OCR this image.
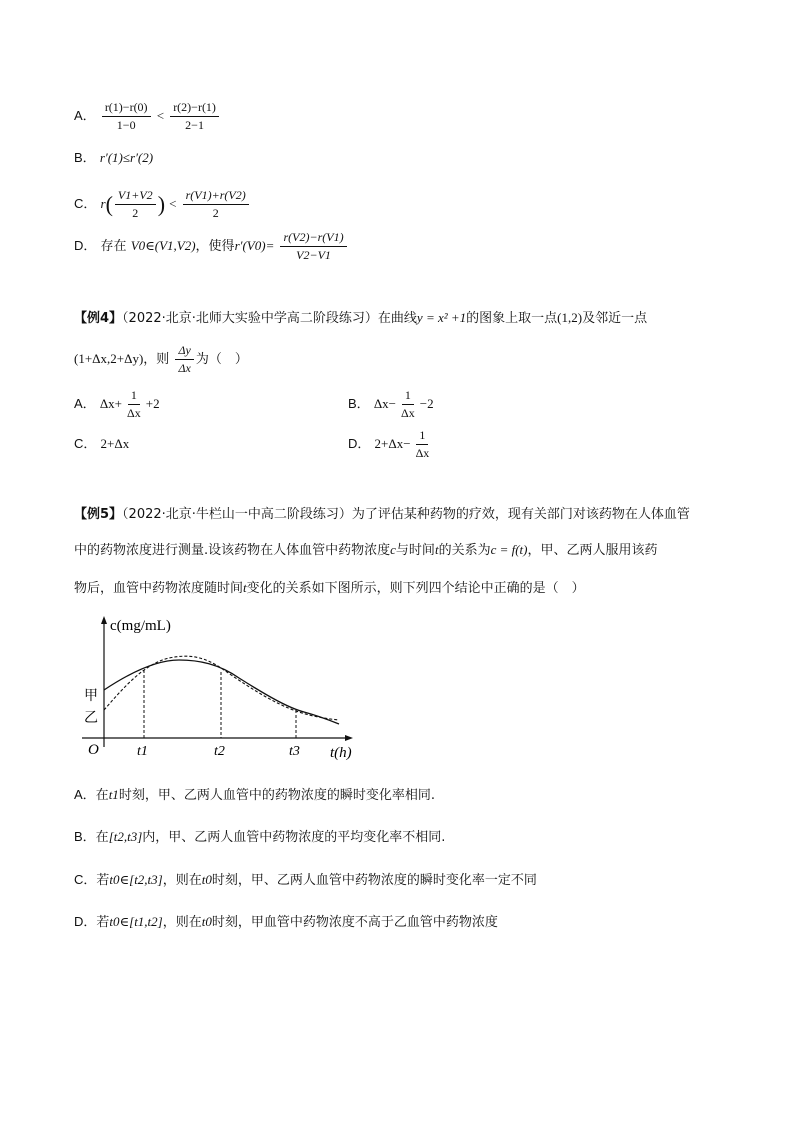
A． $\frac{r(1)-r(0)}{1-0} < \frac{r(2)-r(1)}{2-1}$
B． r′(1)≤r′(2)
C． $r( \frac{V1+V2}{2}$ ) < $\frac{r(V1)+r(V2)}{2}$
D． 存在 V0∈(V1,V2)，使得$r'(V0)= \frac{r(V2)-r(V1)}{V2-V1}$
【例4】（2022·北京·北师大实验中学高二阶段练习）在曲线y = x² +1的图象上取一点(1,2)及邻近一点
(1+Δx,2+Δy)，则 $\frac{\Delta y}{\Delta x}$ 为（　）
A． $\Delta x+ \frac{1}{\Delta x} +2$	B． $\Delta x- \frac{1}{\Delta x} -2$
C． 2+Δx	D． $2+\Delta x- \frac{1}{\Delta x}$
【例5】（2022·北京·牛栏山一中高二阶段练习）为了评估某种药物的疗效，现有关部门对该药物在人体血管
中的药物浓度进行测量.设该药物在人体血管中药物浓度c与时间t的关系为c = f(t)，甲、乙两人服用该药
物后，血管中药物浓度随时间t变化的关系如下图所示，则下列四个结论中正确的是（　）
c(mg/mL)
t(h)
O
甲
乙
t1	t2	t3
A．在t1时刻，甲、乙两人血管中的药物浓度的瞬时变化率相同.
B．在[t2,t3]内，甲、乙两人血管中药物浓度的平均变化率不相同.
C．若t0∈[t2,t3]，则在t0时刻，甲、乙两人血管中药物浓度的瞬时变化率一定不同
D．若t0∈[t1,t2]，则在t0时刻，甲血管中药物浓度不高于乙血管中药物浓度
